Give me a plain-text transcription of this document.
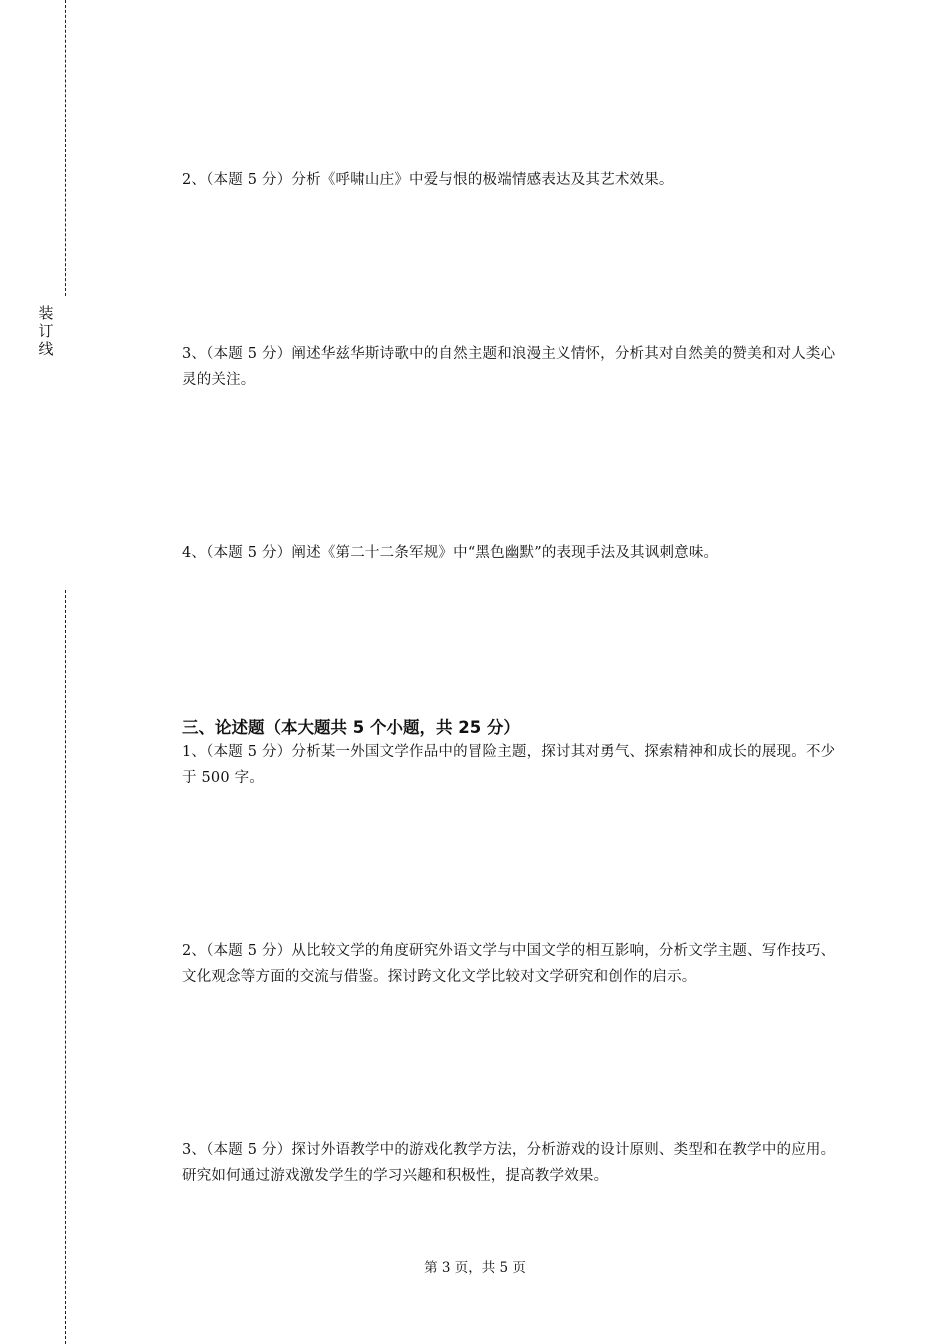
装
订
线
2、（本题 5 分）分析《呼啸山庄》中爱与恨的极端情感表达及其艺术效果。
3、（本题 5 分）阐述华兹华斯诗歌中的自然主题和浪漫主义情怀，分析其对自然美的赞美和对人类心灵的关注。
4、（本题 5 分）阐述《第二十二条军规》中“黑色幽默”的表现手法及其讽刺意味。
三、论述题（本大题共 5 个小题，共 25 分）
1、（本题 5 分）分析某一外国文学作品中的冒险主题，探讨其对勇气、探索精神和成长的展现。不少于 500 字。
2、（本题 5 分）从比较文学的角度研究外语文学与中国文学的相互影响，分析文学主题、写作技巧、文化观念等方面的交流与借鉴。探讨跨文化文学比较对文学研究和创作的启示。
3、（本题 5 分）探讨外语教学中的游戏化教学方法，分析游戏的设计原则、类型和在教学中的应用。研究如何通过游戏激发学生的学习兴趣和积极性，提高教学效果。
第 3 页，共 5 页
